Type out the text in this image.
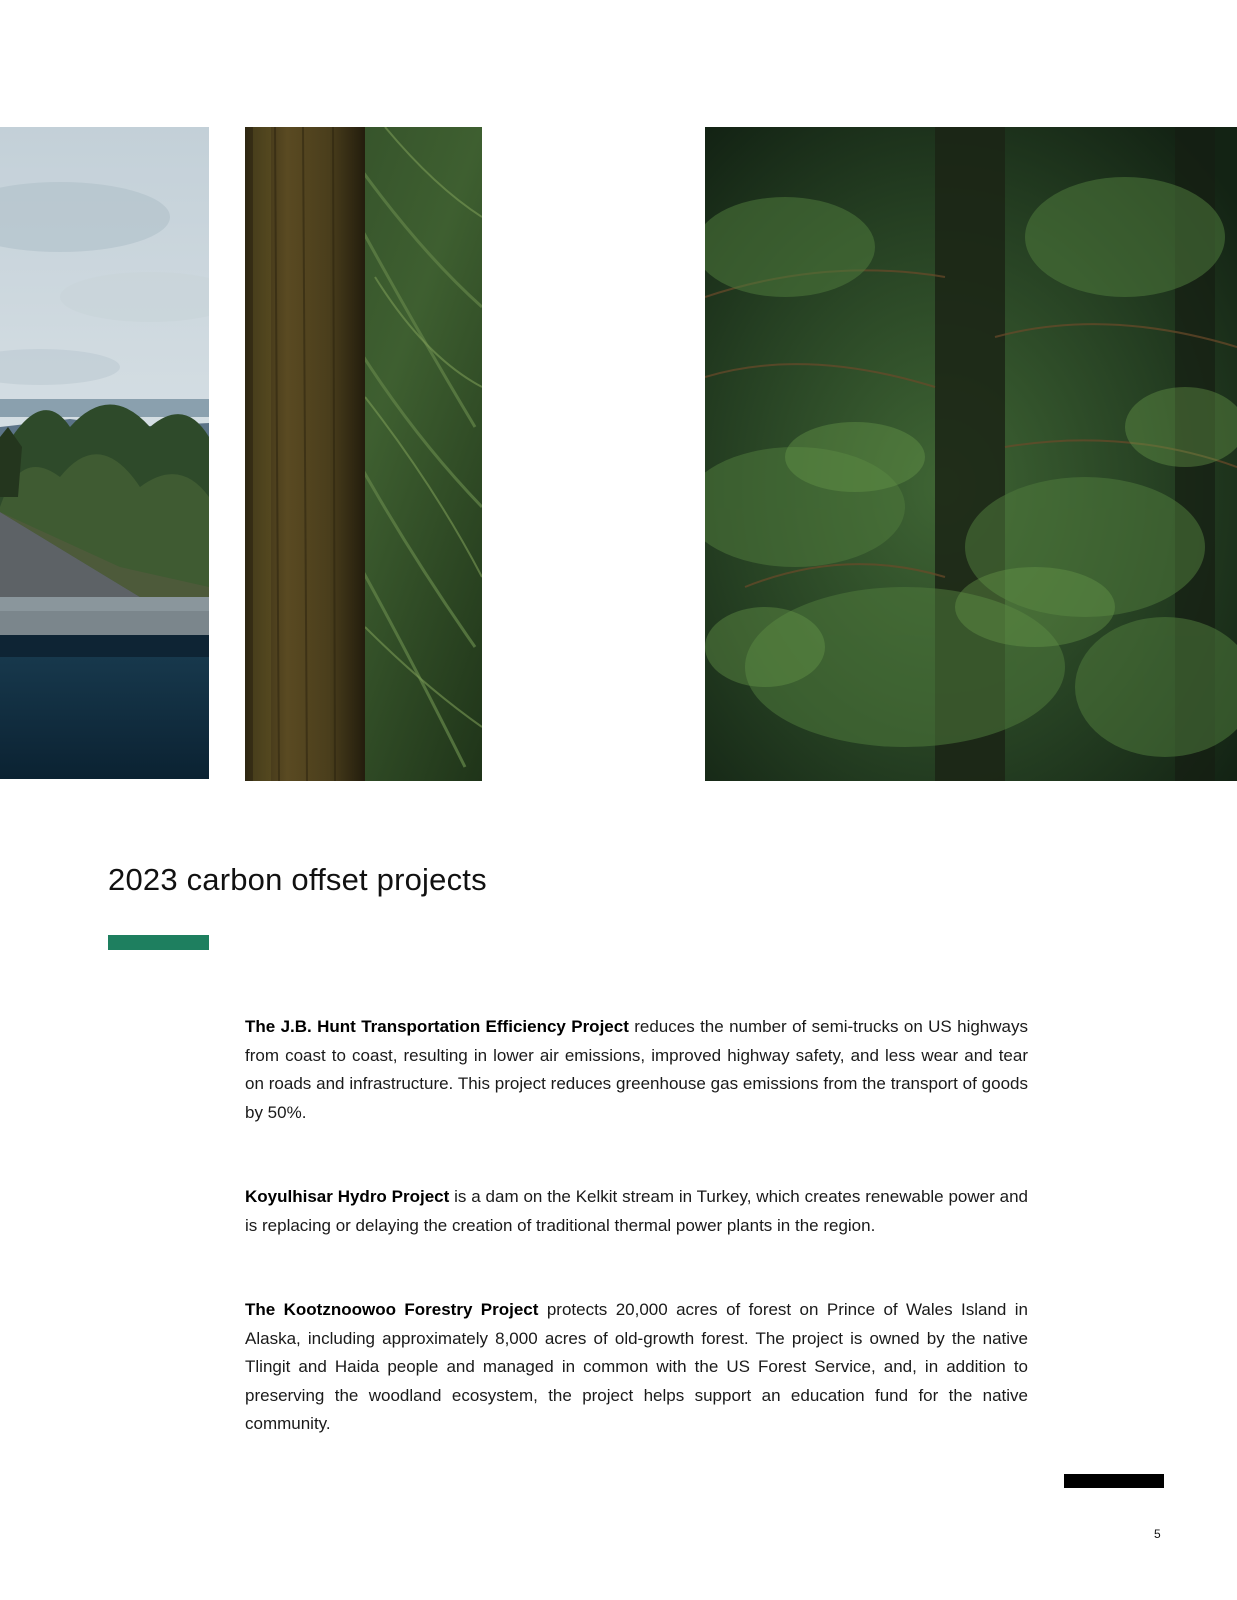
2023 carbon offset projects

The J.B. Hunt Transportation Efficiency Project reduces the number of semi-trucks on US highways from coast to coast, resulting in lower air emissions, improved highway safety, and less wear and tear on roads and infrastructure. This project reduces greenhouse gas emissions from the transport of goods by 50%.

Koyulhisar Hydro Project is a dam on the Kelkit stream in Turkey, which creates renewable power and is replacing or delaying the creation of traditional thermal power plants in the region.

The Kootznoowoo Forestry Project protects 20,000 acres of forest on Prince of Wales Island in Alaska, including approximately 8,000 acres of old-growth forest. The project is owned by the native Tlingit and Haida people and managed in common with the US Forest Service, and, in addition to preserving the woodland ecosystem, the project helps support an education fund for the native community.

5
